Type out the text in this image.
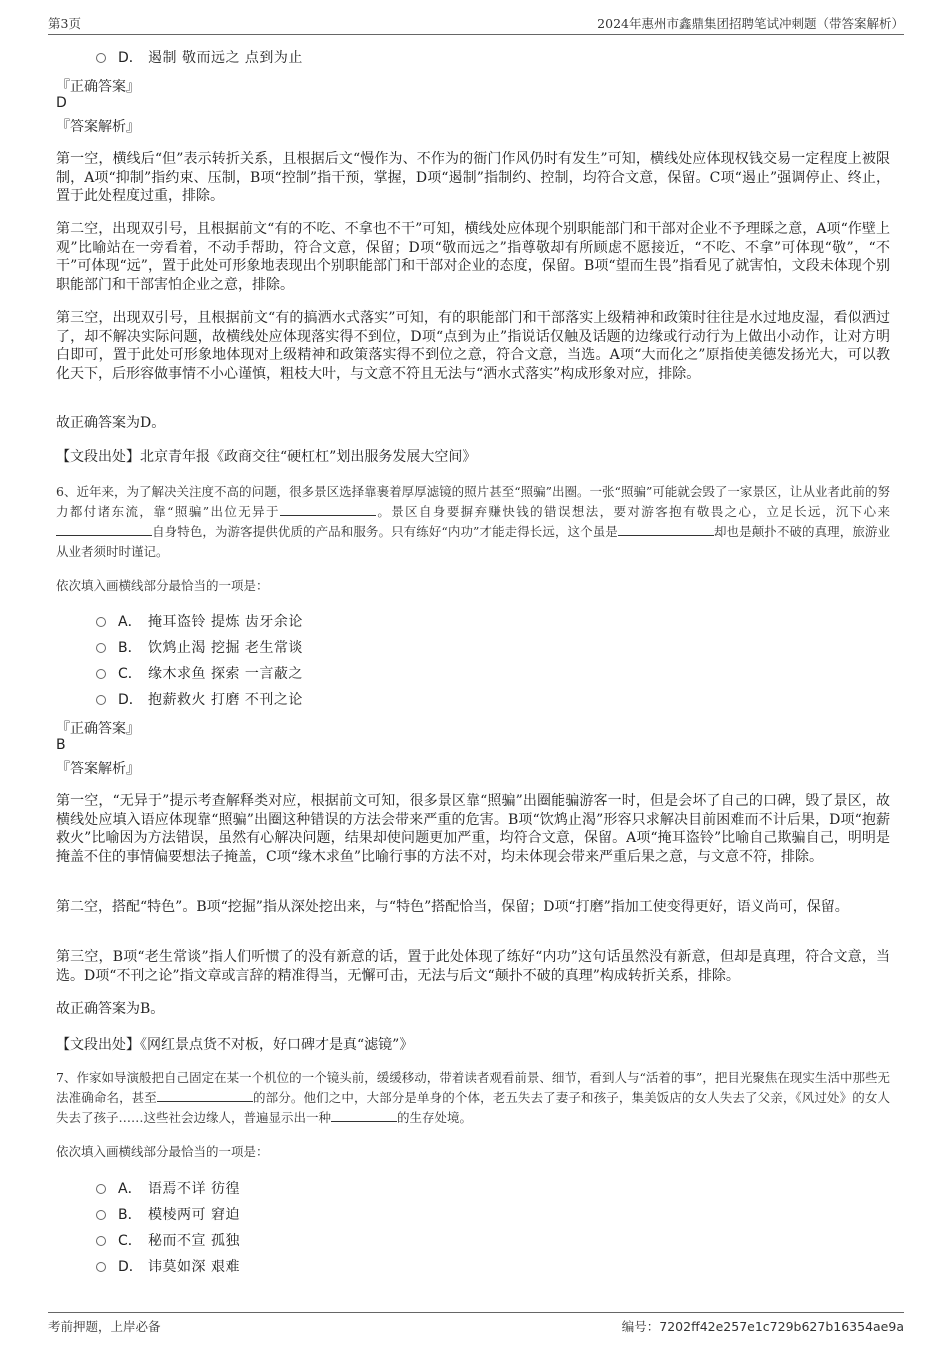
第3页	2024年惠州市鑫鼎集团招聘笔试冲刺题（带答案解析）
D． 遏制 敬而远之 点到为止
『正确答案』
D
『答案解析』
第一空，横线后“但”表示转折关系，且根据后文“慢作为、不作为的衙门作风仍时有发生”可知，横线处应体现权钱交易一定程度上被限制，A项“抑制”指约束、压制，B项“控制”指干预，掌握，D项“遏制”指制约、控制，均符合文意，保留。C项“遏止”强调停止、终止，置于此处程度过重，排除。
第二空，出现双引号，且根据前文“有的不吃、不拿也不干”可知，横线处应体现个别职能部门和干部对企业不予理睬之意，A项“作壁上观”比喻站在一旁看着，不动手帮助，符合文意，保留；D项“敬而远之”指尊敬却有所顾虑不愿接近，“不吃、不拿”可体现“敬”，“不干”可体现“远”，置于此处可形象地表现出个别职能部门和干部对企业的态度，保留。B项“望而生畏”指看见了就害怕，文段未体现个别职能部门和干部害怕企业之意，排除。
第三空，出现双引号，且根据前文“有的搞洒水式落实”可知，有的职能部门和干部落实上级精神和政策时往往是水过地皮湿，看似洒过了，却不解决实际问题，故横线处应体现落实得不到位，D项“点到为止”指说话仅触及话题的边缘或行动行为上做出小动作，让对方明白即可，置于此处可形象地体现对上级精神和政策落实得不到位之意，符合文意，当选。A项“大而化之”原指使美德发扬光大，可以教化天下，后形容做事情不小心谨慎，粗枝大叶，与文意不符且无法与“洒水式落实”构成形象对应，排除。
故正确答案为D。
【文段出处】北京青年报《政商交往“硬杠杠”划出服务发展大空间》
6、近年来，为了解决关注度不高的问题，很多景区选择靠裹着厚厚滤镜的照片甚至“照骗”出圈。一张“照骗”可能就会毁了一家景区，让从业者此前的努力都付诸东流，靠“照骗”出位无异于	。景区自身要摒弃赚快钱的错误想法，要对游客抱有敬畏之心，立足长远，沉下心来自身特色，为游客提供优质的产品和服务。只有练好“内功”才能走得长远，这个虽是	却也是颠扑不破的真理，旅游业从业者须时时谨记。
依次填入画横线部分最恰当的一项是：
A． 掩耳盗铃 提炼 齿牙余论
B． 饮鸩止渴 挖掘 老生常谈
C． 缘木求鱼 探索 一言蔽之
D． 抱薪救火 打磨 不刊之论
『正确答案』
B
『答案解析』
第一空，“无异于”提示考查解释类对应，根据前文可知，很多景区靠“照骗”出圈能骗游客一时，但是会坏了自己的口碑，毁了景区，故横线处应填入语应体现靠“照骗”出圈这种错误的方法会带来严重的危害。B项“饮鸩止渴”形容只求解决目前困难而不计后果，D项“抱薪救火”比喻因为方法错误，虽然有心解决问题，结果却使问题更加严重，均符合文意，保留。A项“掩耳盗铃”比喻自己欺骗自己，明明是掩盖不住的事情偏要想法子掩盖，C项“缘木求鱼”比喻行事的方法不对，均未体现会带来严重后果之意，与文意不符，排除。
第二空，搭配“特色”。B项“挖掘”指从深处挖出来，与“特色”搭配恰当，保留；D项“打磨”指加工使变得更好，语义尚可，保留。
第三空，B项“老生常谈”指人们听惯了的没有新意的话，置于此处体现了练好“内功”这句话虽然没有新意，但却是真理，符合文意，当选。D项“不刊之论”指文章或言辞的精准得当，无懈可击，无法与后文“颠扑不破的真理”构成转折关系，排除。
故正确答案为B。
【文段出处】《网红景点货不对板，好口碑才是真“滤镜”》
7、作家如导演般把自己固定在某一个机位的一个镜头前，缓缓移动，带着读者观看前景、细节，看到人与“活着的事”，把目光聚焦在现实生活中那些无法准确命名，甚至	的部分。他们之中，大部分是单身的个体，老五失去了妻子和孩子，集美饭店的女人失去了父亲，《风过处》的女人失去了孩子……这些社会边缘人，普遍显示出一种	的生存处境。
依次填入画横线部分最恰当的一项是：
A． 语焉不详 彷徨
B． 模棱两可 窘迫
C． 秘而不宣 孤独
D． 讳莫如深 艰难
考前押题，上岸必备	编号：7202ff42e257e1c729b627b16354ae9a
